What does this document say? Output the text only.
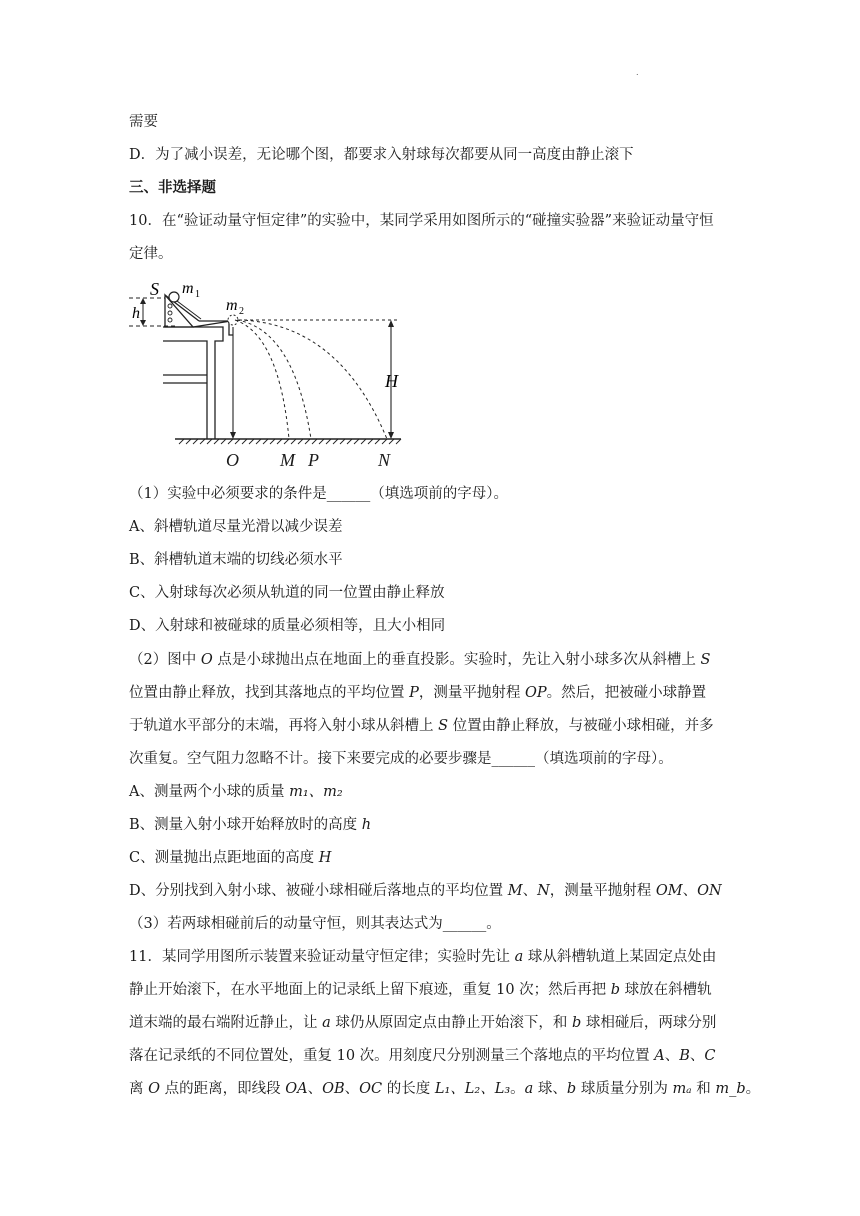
.
需要
D．为了减小误差，无论哪个图，都要求入射球每次都要从同一高度由静止滚下
三、非选择题
10．在“验证动量守恒定律”的实验中，某同学采用如图所示的“碰撞实验器”来验证动量守恒
定律。
h
S m 1
m 2
H
O M P	N
（1）实验中必须要求的条件是______（填选项前的字母）。
A、斜槽轨道尽量光滑以减少误差
B、斜槽轨道末端的切线必须水平
C、入射球每次必须从轨道的同一位置由静止释放
D、入射球和被碰球的质量必须相等，且大小相同
（2）图中 O 点是小球抛出点在地面上的垂直投影。实验时，先让入射小球多次从斜槽上 S
位置由静止释放，找到其落地点的平均位置 P，测量平抛射程 OP。然后，把被碰小球静置
于轨道水平部分的末端，再将入射小球从斜槽上 S 位置由静止释放，与被碰小球相碰，并多
次重复。空气阻力忽略不计。接下来要完成的必要步骤是______（填选项前的字母）。
A、测量两个小球的质量 m₁、m₂
B、测量入射小球开始释放时的高度 h
C、测量抛出点距地面的高度 H
D、分别找到入射小球、被碰小球相碰后落地点的平均位置 M、N，测量平抛射程 OM、ON
（3）若两球相碰前后的动量守恒，则其表达式为______。
11．某同学用图所示装置来验证动量守恒定律；实验时先让 a 球从斜槽轨道上某固定点处由
静止开始滚下，在水平地面上的记录纸上留下痕迹，重复 10 次；然后再把 b 球放在斜槽轨
道末端的最右端附近静止，让 a 球仍从原固定点由静止开始滚下，和 b 球相碰后，两球分别
落在记录纸的不同位置处，重复 10 次。用刻度尺分别测量三个落地点的平均位置 A、B、C
离 O 点的距离，即线段 OA、OB、OC 的长度 L₁、L₂、L₃。a 球、b 球质量分别为 mₐ 和 m_b。
